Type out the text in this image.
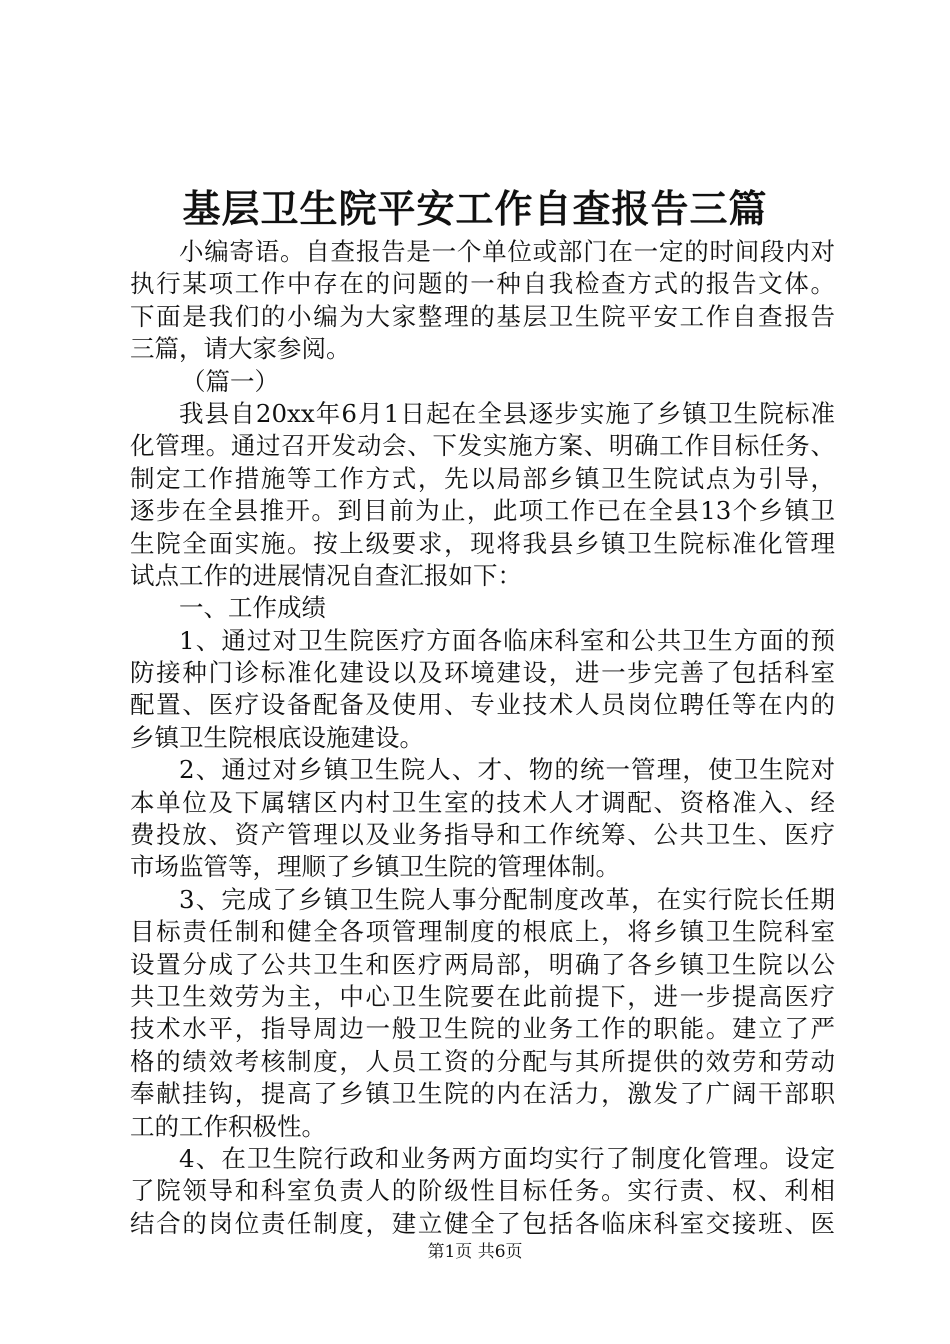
基层卫生院平安工作自查报告三篇
小编寄语。自查报告是一个单位或部门在一定的时间段内对
执行某项工作中存在的问题的一种自我检查方式的报告文体。
下面是我们的小编为大家整理的基层卫生院平安工作自查报告
三篇，请大家参阅。
（篇一）
我县自20xx年6月1日起在全县逐步实施了乡镇卫生院标准
化管理。通过召开发动会、下发实施方案、明确工作目标任务、
制定工作措施等工作方式，先以局部乡镇卫生院试点为引导，
逐步在全县推开。到目前为止，此项工作已在全县13个乡镇卫
生院全面实施。按上级要求，现将我县乡镇卫生院标准化管理
试点工作的进展情况自查汇报如下：
一、工作成绩
1、通过对卫生院医疗方面各临床科室和公共卫生方面的预
防接种门诊标准化建设以及环境建设，进一步完善了包括科室
配置、医疗设备配备及使用、专业技术人员岗位聘任等在内的
乡镇卫生院根底设施建设。
2、通过对乡镇卫生院人、才、物的统一管理，使卫生院对
本单位及下属辖区内村卫生室的技术人才调配、资格准入、经
费投放、资产管理以及业务指导和工作统筹、公共卫生、医疗
市场监管等，理顺了乡镇卫生院的管理体制。
3、完成了乡镇卫生院人事分配制度改革，在实行院长任期
目标责任制和健全各项管理制度的根底上，将乡镇卫生院科室
设置分成了公共卫生和医疗两局部，明确了各乡镇卫生院以公
共卫生效劳为主，中心卫生院要在此前提下，进一步提高医疗
技术水平，指导周边一般卫生院的业务工作的职能。建立了严
格的绩效考核制度，人员工资的分配与其所提供的效劳和劳动
奉献挂钩，提高了乡镇卫生院的内在活力，激发了广阔干部职
工的工作积极性。
4、在卫生院行政和业务两方面均实行了制度化管理。设定
了院领导和科室负责人的阶级性目标任务。实行责、权、利相
结合的岗位责任制度，建立健全了包括各临床科室交接班、医
第1页 共6页
